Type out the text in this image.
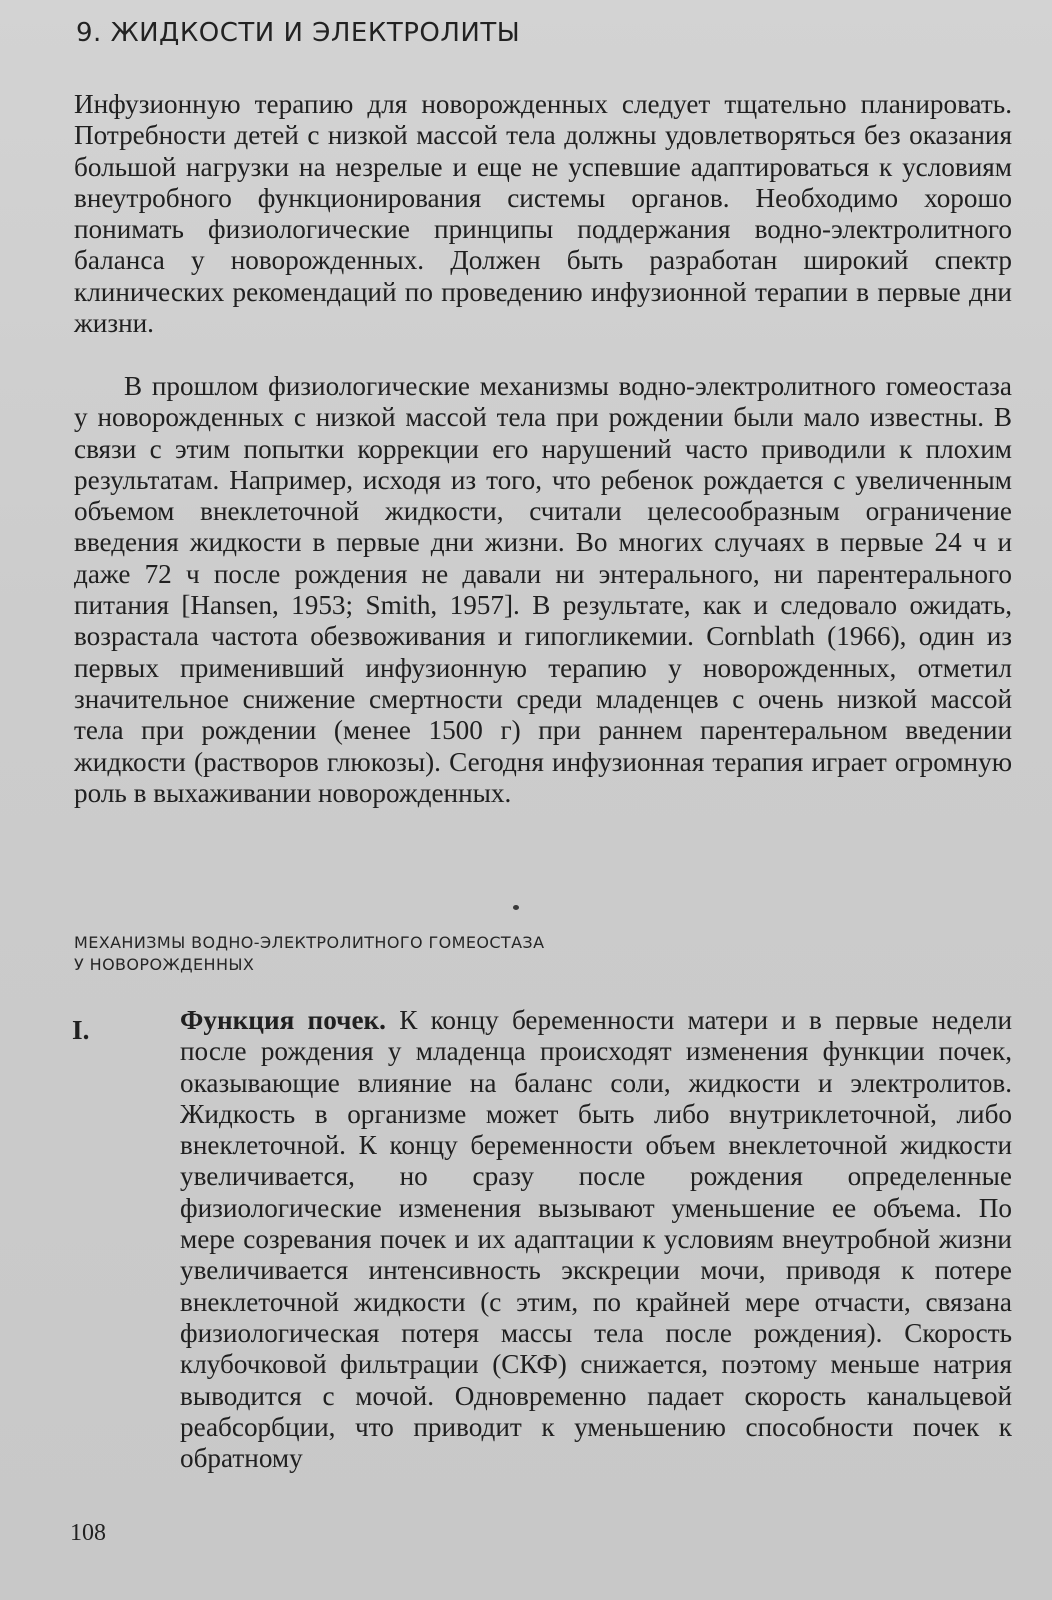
9. ЖИДКОСТИ И ЭЛЕКТРОЛИТЫ

Инфузионную терапию для новорожденных следует тщательно планировать. Потребности детей с низкой массой тела должны удовлетворяться без оказания большой нагрузки на незрелые и еще не успевшие адаптироваться к условиям внеутробного функционирования системы органов. Необходимо хорошо понимать физиологические принципы поддержания водно-электролитного баланса у новорожденных. Должен быть разработан широкий спектр клинических рекомендаций по проведению инфузионной терапии в первые дни жизни.

В прошлом физиологические механизмы водно-электролитного гомеостаза у новорожденных с низкой массой тела при рождении были мало известны. В связи с этим попытки коррекции его нарушений часто приводили к плохим результатам. Например, исходя из того, что ребенок рождается с увеличенным объемом внеклеточной жидкости, считали целесообразным ограничение введения жидкости в первые дни жизни. Во многих случаях в первые 24 ч и даже 72 ч после рождения не давали ни энтерального, ни парентерального питания [Hansen, 1953; Smith, 1957]. В результате, как и следовало ожидать, возрастала частота обезвоживания и гипогликемии. Cornblath (1966), один из первых применивший инфузионную терапию у новорожденных, отметил значительное снижение смертности среди младенцев с очень низкой массой тела при рождении (менее 1500 г) при раннем парентеральном введении жидкости (растворов глюкозы). Сегодня инфузионная терапия играет огромную роль в выхаживании новорожденных.

МЕХАНИЗМЫ ВОДНО-ЭЛЕКТРОЛИТНОГО ГОМЕОСТАЗА
У НОВОРОЖДЕННЫХ
I.	Функция почек. К концу беременности матери и в первые недели после рождения у младенца происходят изменения функции почек, оказывающие влияние на баланс соли, жидкости и электролитов. Жидкость в организме может быть либо внутриклеточной, либо внеклеточной. К концу беременности объем внеклеточной жидкости увеличивается, но сразу после рождения определенные физиологические изменения вызывают уменьшение ее объема. По мере созревания почек и их адаптации к условиям внеутробной жизни увеличивается интенсивность экскреции мочи, приводя к потере внеклеточной жидкости (с этим, по крайней мере отчасти, связана физиологическая потеря массы тела после рождения). Скорость клубочковой фильтрации (СКФ) снижается, поэтому меньше натрия выводится с мочой. Одновременно падает скорость канальцевой реабсорбции, что приводит к уменьшению способности почек к обратному

108
